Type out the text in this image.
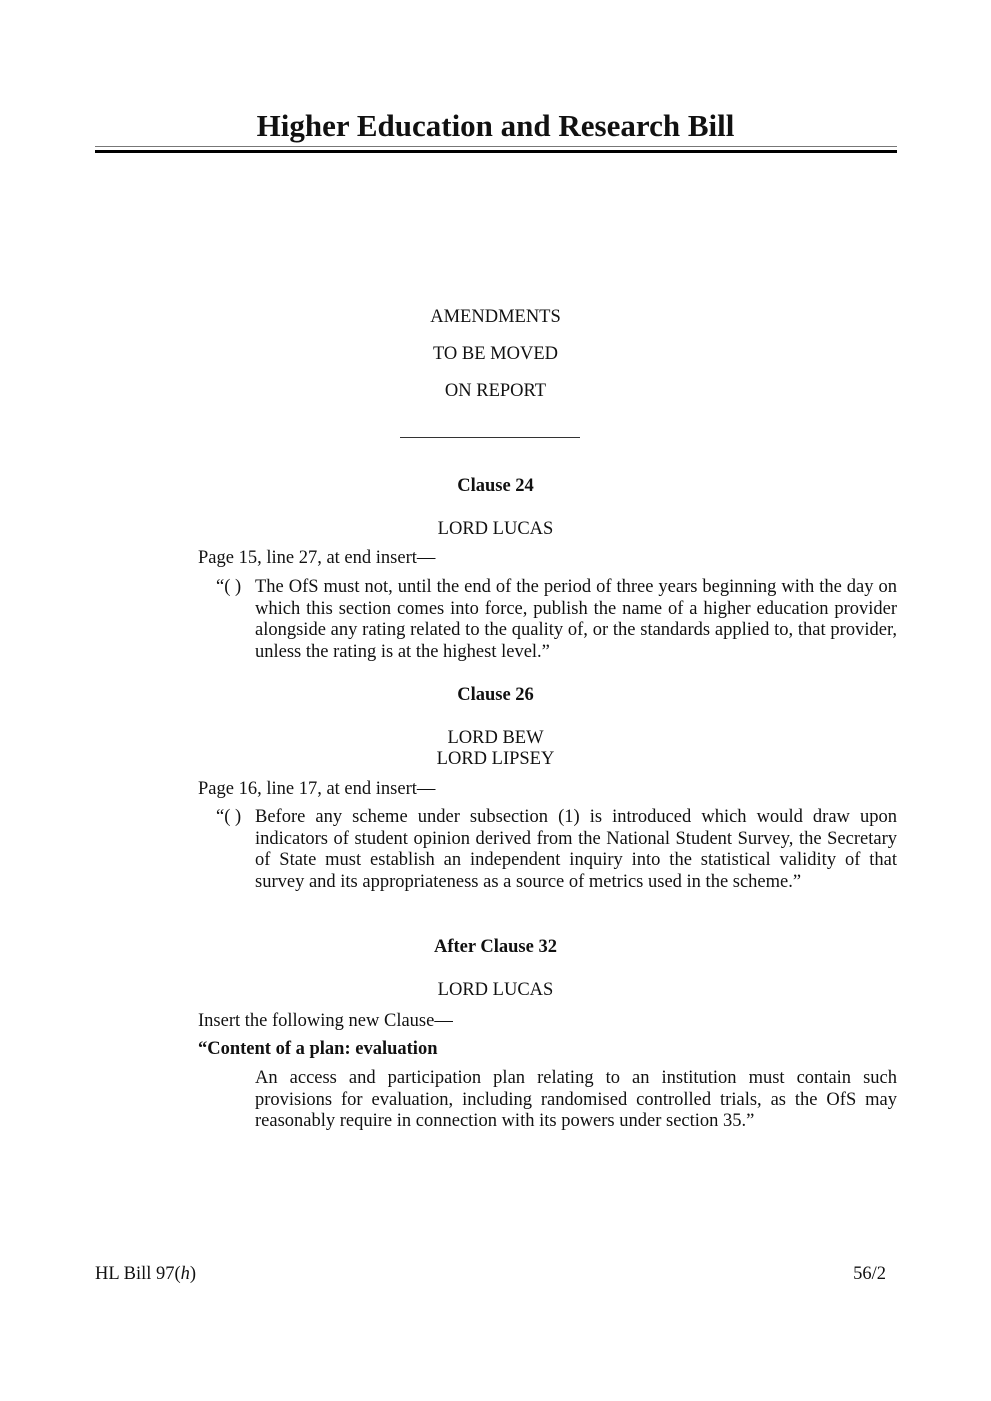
Higher Education and Research Bill
AMENDMENTS
TO BE MOVED
ON REPORT
Clause 24
LORD LUCAS
Page 15, line 27, at end insert—
“( ) The OfS must not, until the end of the period of three years beginning with the day on which this section comes into force, publish the name of a higher education provider alongside any rating related to the quality of, or the standards applied to, that provider, unless the rating is at the highest level.”
Clause 26
LORD BEW
LORD LIPSEY
Page 16, line 17, at end insert—
“( ) Before any scheme under subsection (1) is introduced which would draw upon indicators of student opinion derived from the National Student Survey, the Secretary of State must establish an independent inquiry into the statistical validity of that survey and its appropriateness as a source of metrics used in the scheme.”
After Clause 32
LORD LUCAS
Insert the following new Clause—
“Content of a plan: evaluation
An access and participation plan relating to an institution must contain such provisions for evaluation, including randomised controlled trials, as the OfS may reasonably require in connection with its powers under section 35.”
HL Bill 97(h)	56/2
